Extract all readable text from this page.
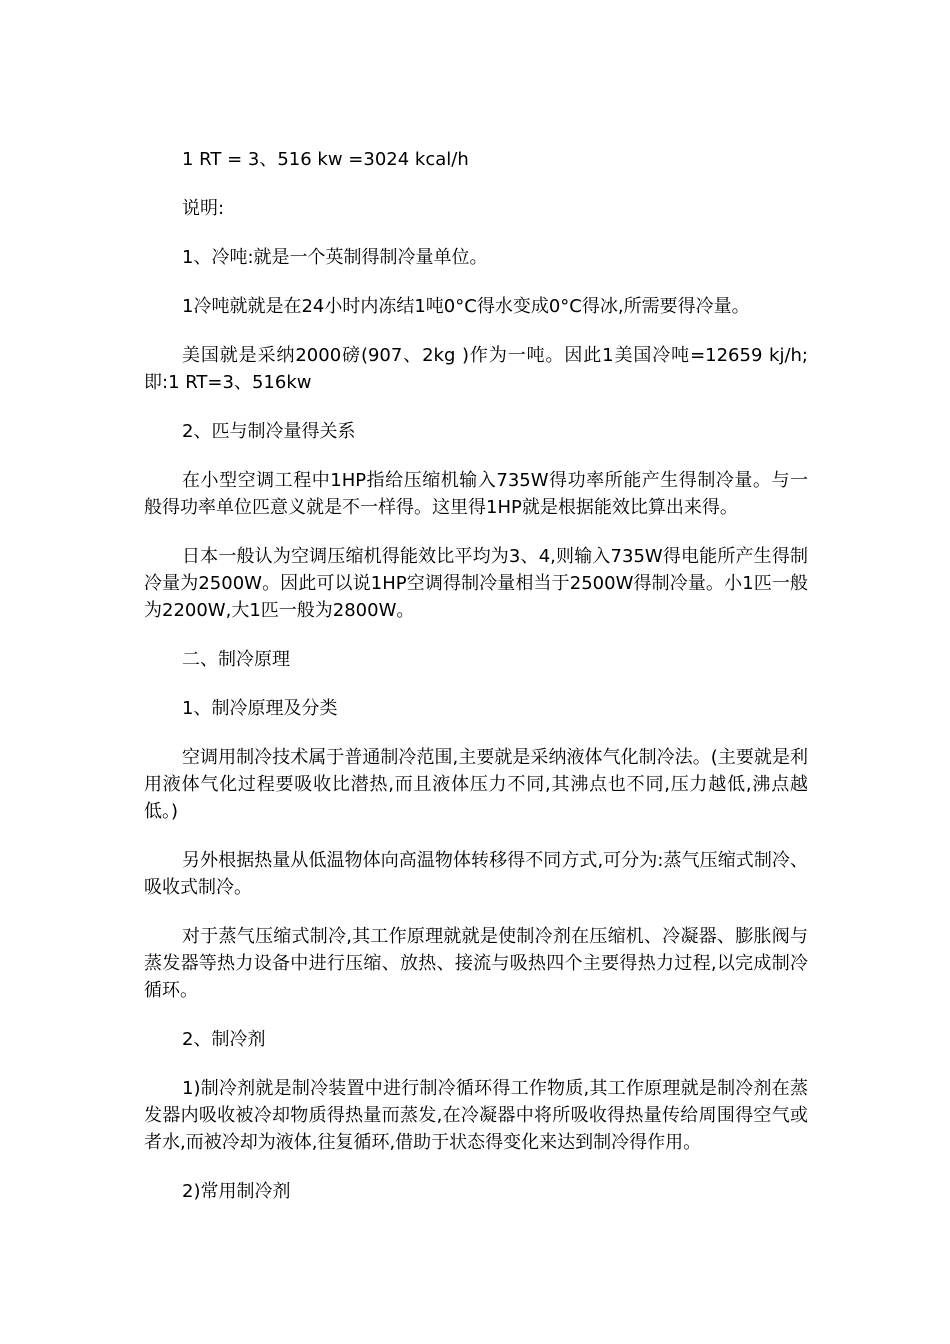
1 RT = 3、516 kw =3024 kcal/h

说明:

1、冷吨:就是一个英制得制冷量单位。

1冷吨就就是在24小时内冻结1吨0°C得水变成0°C得冰,所需要得冷量。

美国就是采纳2000磅(907、2kg )作为一吨。因此1美国冷吨=12659 kj/h;即:1 RT=3、516kw

2、匹与制冷量得关系

在小型空调工程中1HP指给压缩机输入735W得功率所能产生得制冷量。与一般得功率单位匹意义就是不一样得。这里得1HP就是根据能效比算出来得。

日本一般认为空调压缩机得能效比平均为3、4,则输入735W得电能所产生得制冷量为2500W。因此可以说1HP空调得制冷量相当于2500W得制冷量。小1匹一般为2200W,大1匹一般为2800W。

二、制冷原理

1、制冷原理及分类

空调用制冷技术属于普通制冷范围,主要就是采纳液体气化制冷法。(主要就是利用液体气化过程要吸收比潜热,而且液体压力不同,其沸点也不同,压力越低,沸点越低。)

另外根据热量从低温物体向高温物体转移得不同方式,可分为:蒸气压缩式制冷、吸收式制冷。

对于蒸气压缩式制冷,其工作原理就就是使制冷剂在压缩机、冷凝器、膨胀阀与蒸发器等热力设备中进行压缩、放热、接流与吸热四个主要得热力过程,以完成制冷循环。

2、制冷剂

1)制冷剂就是制冷装置中进行制冷循环得工作物质,其工作原理就是制冷剂在蒸发器内吸收被冷却物质得热量而蒸发,在冷凝器中将所吸收得热量传给周围得空气或者水,而被冷却为液体,往复循环,借助于状态得变化来达到制冷得作用。

2)常用制冷剂
